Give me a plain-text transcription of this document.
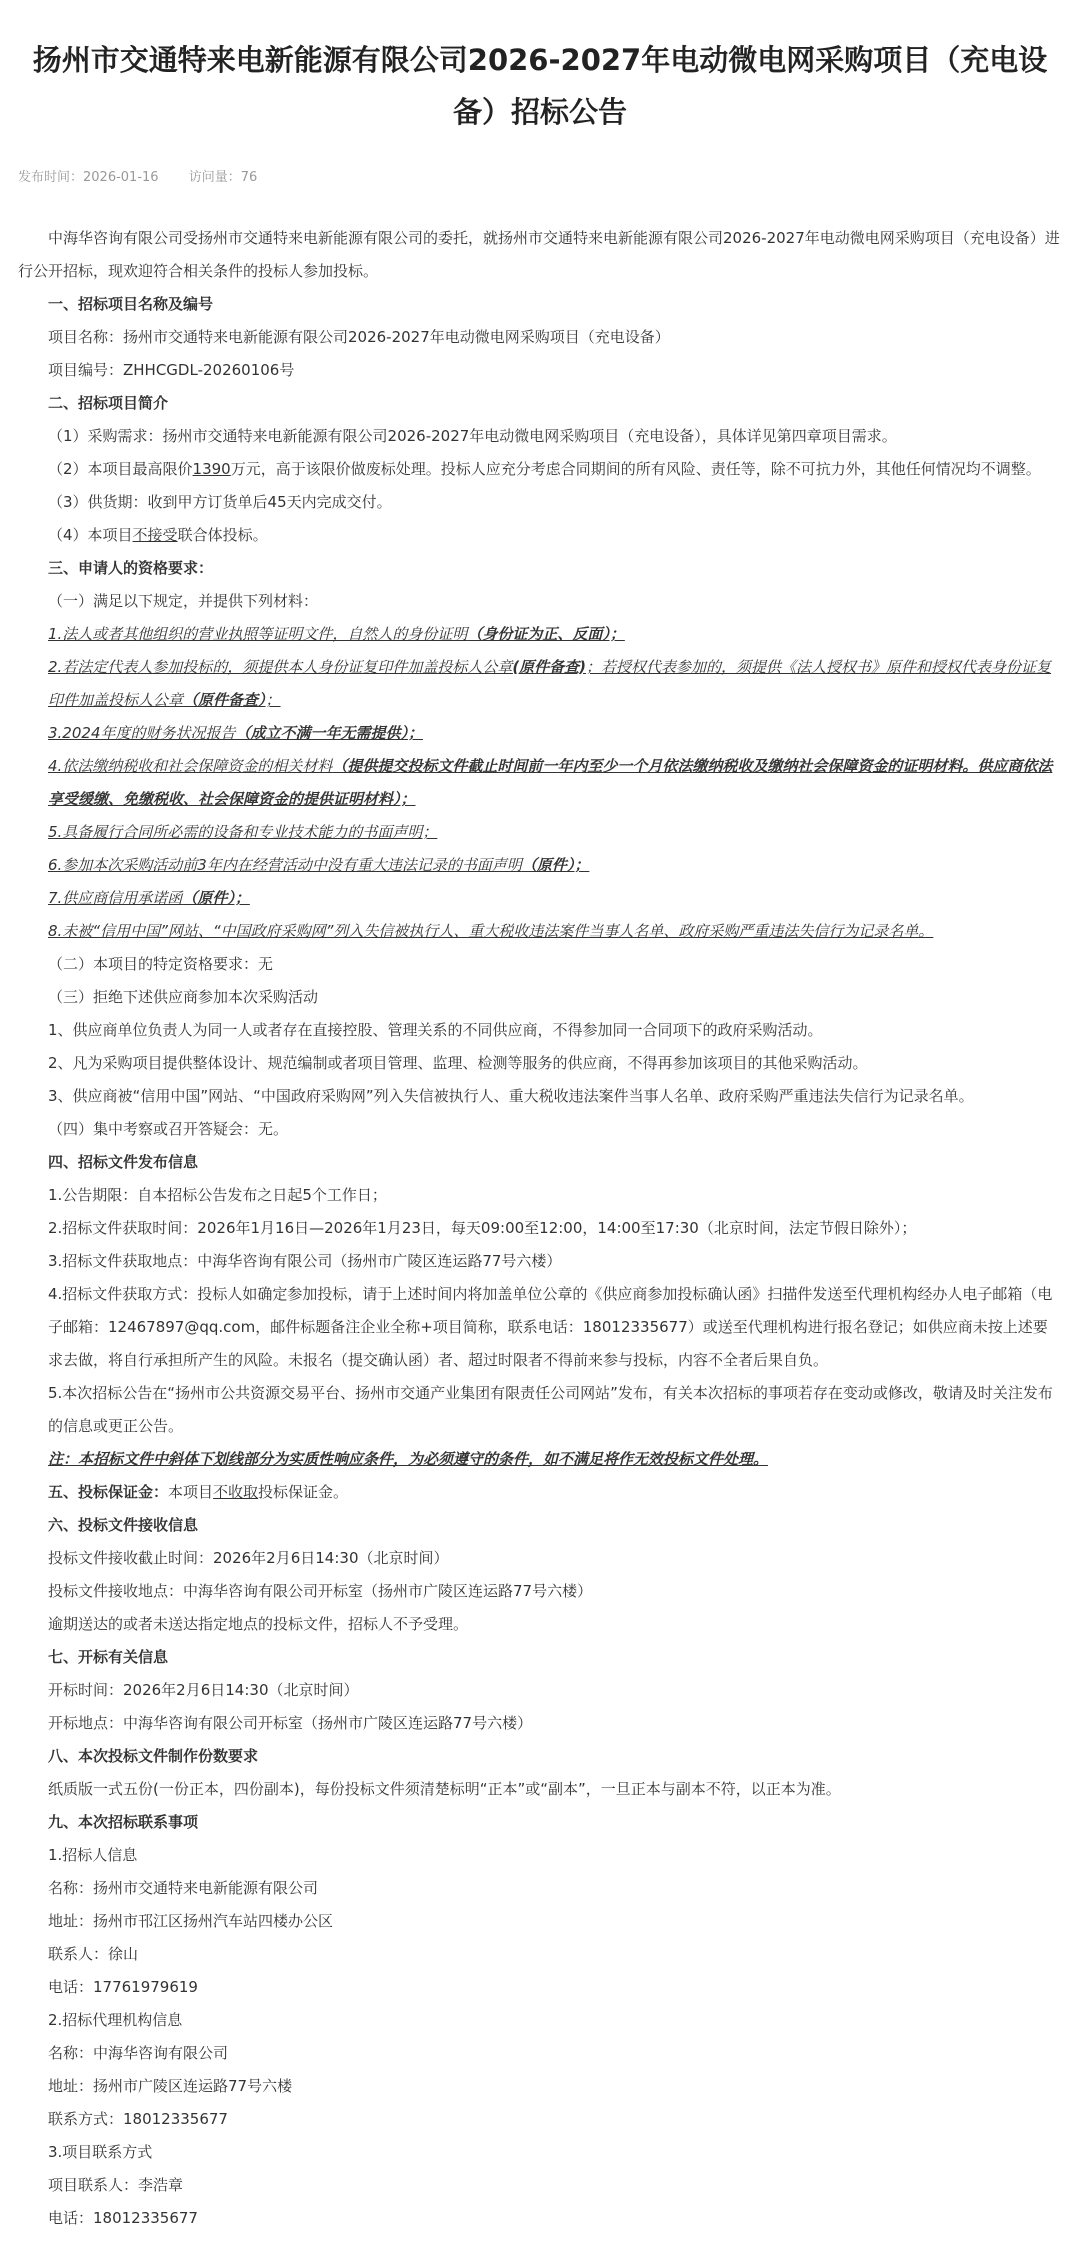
扬州市交通特来电新能源有限公司2026-2027年电动微电网采购项目（充电设备）招标公告
发布时间：2026-01-16 访问量：76

中海华咨询有限公司受扬州市交通特来电新能源有限公司的委托，就扬州市交通特来电新能源有限公司2026-2027年电动微电网采购项目（充电设备）进行公开招标，现欢迎符合相关条件的投标人参加投标。

一、招标项目名称及编号

项目名称：扬州市交通特来电新能源有限公司2026-2027年电动微电网采购项目（充电设备）

项目编号：ZHHCGDL-20260106号

二、招标项目简介

（1）采购需求：扬州市交通特来电新能源有限公司2026-2027年电动微电网采购项目（充电设备），具体详见第四章项目需求。

（2）本项目最高限价1390万元，高于该限价做废标处理。投标人应充分考虑合同期间的所有风险、责任等，除不可抗力外，其他任何情况均不调整。

（3）供货期：收到甲方订货单后45天内完成交付。

（4）本项目不接受联合体投标。

三、申请人的资格要求：

（一）满足以下规定，并提供下列材料：

1.法人或者其他组织的营业执照等证明文件，自然人的身份证明（身份证为正、反面）；

2.若法定代表人参加投标的，须提供本人身份证复印件加盖投标人公章(原件备查)；若授权代表参加的，须提供《法人授权书》原件和授权代表身份证复印件加盖投标人公章（原件备查）；

3.2024年度的财务状况报告（成立不满一年无需提供）；

4.依法缴纳税收和社会保障资金的相关材料（提供提交投标文件截止时间前一年内至少一个月依法缴纳税收及缴纳社会保障资金的证明材料。供应商依法享受缓缴、免缴税收、社会保障资金的提供证明材料）；

5.具备履行合同所必需的设备和专业技术能力的书面声明；

6.参加本次采购活动前3年内在经营活动中没有重大违法记录的书面声明（原件）；

7.供应商信用承诺函（原件）；

8.未被“信用中国”网站、“中国政府采购网”列入失信被执行人、重大税收违法案件当事人名单、政府采购严重违法失信行为记录名单。

（二）本项目的特定资格要求：无

（三）拒绝下述供应商参加本次采购活动

1、供应商单位负责人为同一人或者存在直接控股、管理关系的不同供应商，不得参加同一合同项下的政府采购活动。

2、凡为采购项目提供整体设计、规范编制或者项目管理、监理、检测等服务的供应商，不得再参加该项目的其他采购活动。

3、供应商被“信用中国”网站、“中国政府采购网”列入失信被执行人、重大税收违法案件当事人名单、政府采购严重违法失信行为记录名单。

（四）集中考察或召开答疑会：无。

四、招标文件发布信息

1.公告期限：自本招标公告发布之日起5个工作日；

2.招标文件获取时间：2026年1月16日—2026年1月23日，每天09:00至12:00，14:00至17:30（北京时间，法定节假日除外）；

3.招标文件获取地点：中海华咨询有限公司（扬州市广陵区连运路77号六楼）

4.招标文件获取方式：投标人如确定参加投标，请于上述时间内将加盖单位公章的《供应商参加投标确认函》扫描件发送至代理机构经办人电子邮箱（电子邮箱：12467897@qq.com，邮件标题备注企业全称+项目简称，联系电话：18012335677）或送至代理机构进行报名登记；如供应商未按上述要求去做，将自行承担所产生的风险。未报名（提交确认函）者、超过时限者不得前来参与投标，内容不全者后果自负。

5.本次招标公告在“扬州市公共资源交易平台、扬州市交通产业集团有限责任公司网站”发布，有关本次招标的事项若存在变动或修改，敬请及时关注发布的信息或更正公告。

注：本招标文件中斜体下划线部分为实质性响应条件，为必须遵守的条件，如不满足将作无效投标文件处理。

五、投标保证金：本项目不收取投标保证金。

六、投标文件接收信息

投标文件接收截止时间：2026年2月6日14:30（北京时间）

投标文件接收地点：中海华咨询有限公司开标室（扬州市广陵区连运路77号六楼）

逾期送达的或者未送达指定地点的投标文件，招标人不予受理。

七、开标有关信息

开标时间：2026年2月6日14:30（北京时间）

开标地点：中海华咨询有限公司开标室（扬州市广陵区连运路77号六楼）

八、本次投标文件制作份数要求

纸质版一式五份(一份正本，四份副本)，每份投标文件须清楚标明“正本”或“副本”，一旦正本与副本不符，以正本为准。

九、本次招标联系事项

1.招标人信息

名称：扬州市交通特来电新能源有限公司

地址：扬州市邗江区扬州汽车站四楼办公区

联系人：徐山

电话：17761979619

2.招标代理机构信息

名称：中海华咨询有限公司

地址：扬州市广陵区连运路77号六楼

联系方式：18012335677

3.项目联系方式

项目联系人：李浩章

电话：18012335677
